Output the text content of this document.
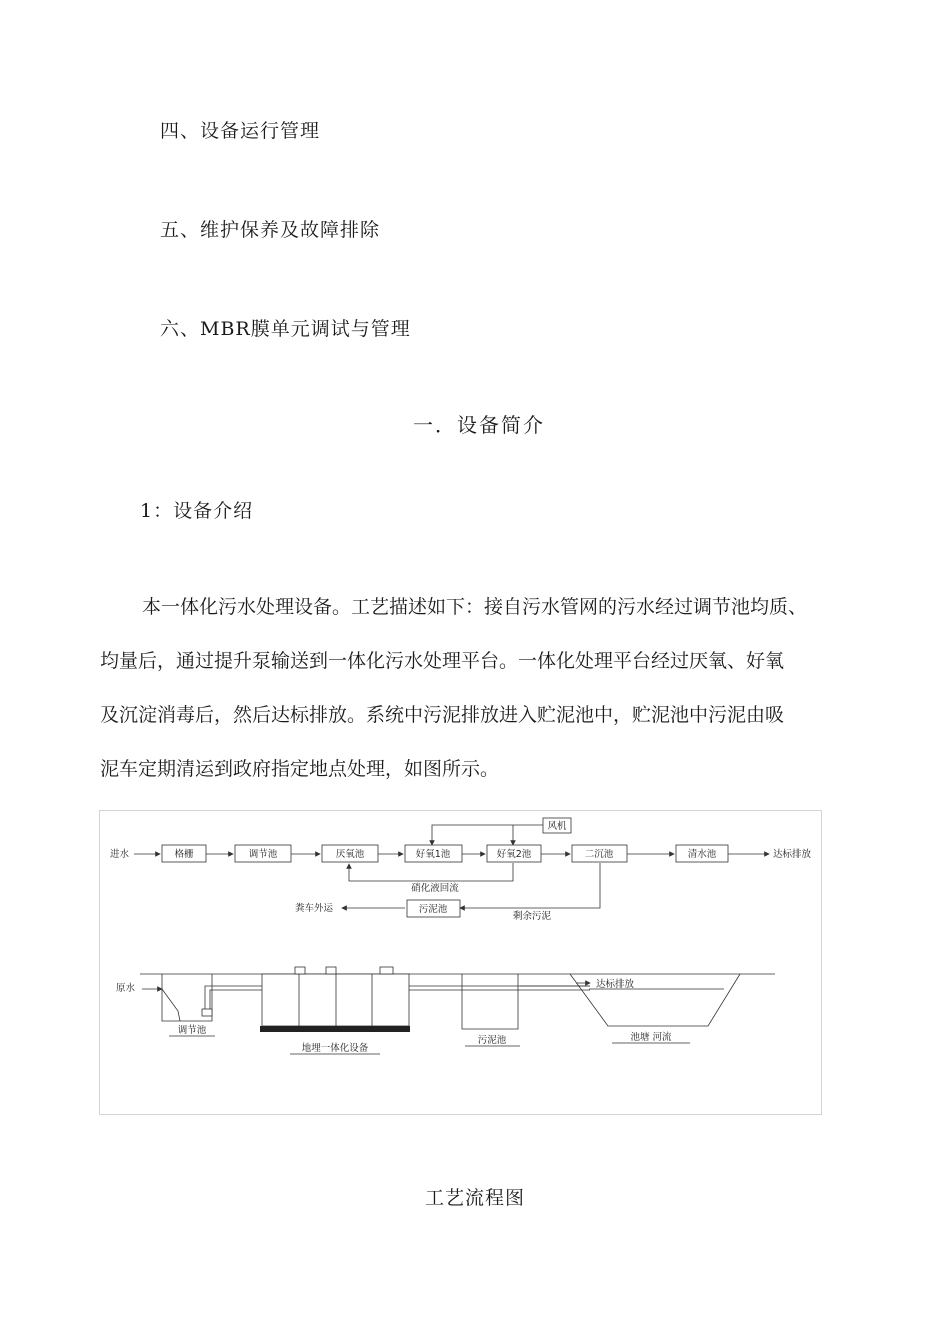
四、设备运行管理
五、维护保养及故障排除
六、MBR膜单元调试与管理
一．设备简介
1：设备介绍
本一体化污水处理设备。工艺描述如下：接自污水管网的污水经过调节池均质、
均量后，通过提升泵输送到一体化污水处理平台。一体化处理平台经过厌氧、好氧
及沉淀消毒后，然后达标排放。系统中污泥排放进入贮泥池中，贮泥池中污泥由吸
泥车定期清运到政府指定地点处理，如图所示。
进水	格栅	调节池	厌氧池	好氧1池	好氧2池	二沉池	清水池	达标排放
风机
硝化液回流
污泥池
剩余污泥
粪车外运
原水
调节池
地埋一体化设备
污泥池
达标排放
池塘 河流
工艺流程图
